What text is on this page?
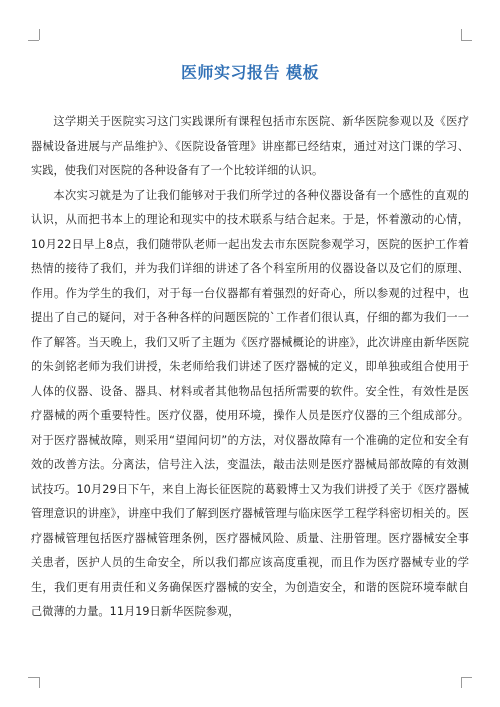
医师实习报告 模板

这学期关于医院实习这门实践课所有课程包括市东医院、新华医院参观以及《医疗器械设备进展与产品维护》、《医院设备管理》讲座都已经结束，通过对这门课的学习、实践，使我们对医院的各种设备有了一个比较详细的认识。

本次实习就是为了让我们能够对于我们所学过的各种仪器设备有一个感性的直观的认识，从而把书本上的理论和现实中的技术联系与结合起来。于是，怀着激动的心情，10月22日早上8点，我们随带队老师一起出发去市东医院参观学习，医院的医护工作着热情的接待了我们，并为我们详细的讲述了各个科室所用的仪器设备以及它们的原理、作用。作为学生的我们，对于每一台仪器都有着强烈的好奇心，所以参观的过程中，也提出了自己的疑问，对于各种各样的问题医院的`工作者们很认真，仔细的都为我们一一作了解答。当天晚上，我们又听了主题为《医疗器械概论的讲座》，此次讲座由新华医院的朱剑铭老师为我们讲授，朱老师给我们讲述了医疗器械的定义，即单独或组合使用于人体的仪器、设备、器具、材料或者其他物品包括所需要的软件。安全性，有效性是医疗器械的两个重要特性。医疗仪器，使用环境，操作人员是医疗仪器的三个组成部分。对于医疗器械故障，则采用“望闻问切”的方法，对仪器故障有一个准确的定位和安全有效的改善方法。分离法，信号注入法，变温法，敲击法则是医疗器械局部故障的有效测试技巧。10月29日下午，来自上海长征医院的葛毅博士又为我们讲授了关于《医疗器械管理意识的讲座》，讲座中我们了解到医疗器械管理与临床医学工程学科密切相关的。医疗器械管理包括医疗器械管理条例，医疗器械风险、质量、注册管理。医疗器械安全事关患者，医护人员的生命安全，所以我们都应该高度重视，而且作为医疗器械专业的学生，我们更有用责任和义务确保医疗器械的安全，为创造安全，和谐的医院环境奉献自己微薄的力量。11月19日新华医院参观，
